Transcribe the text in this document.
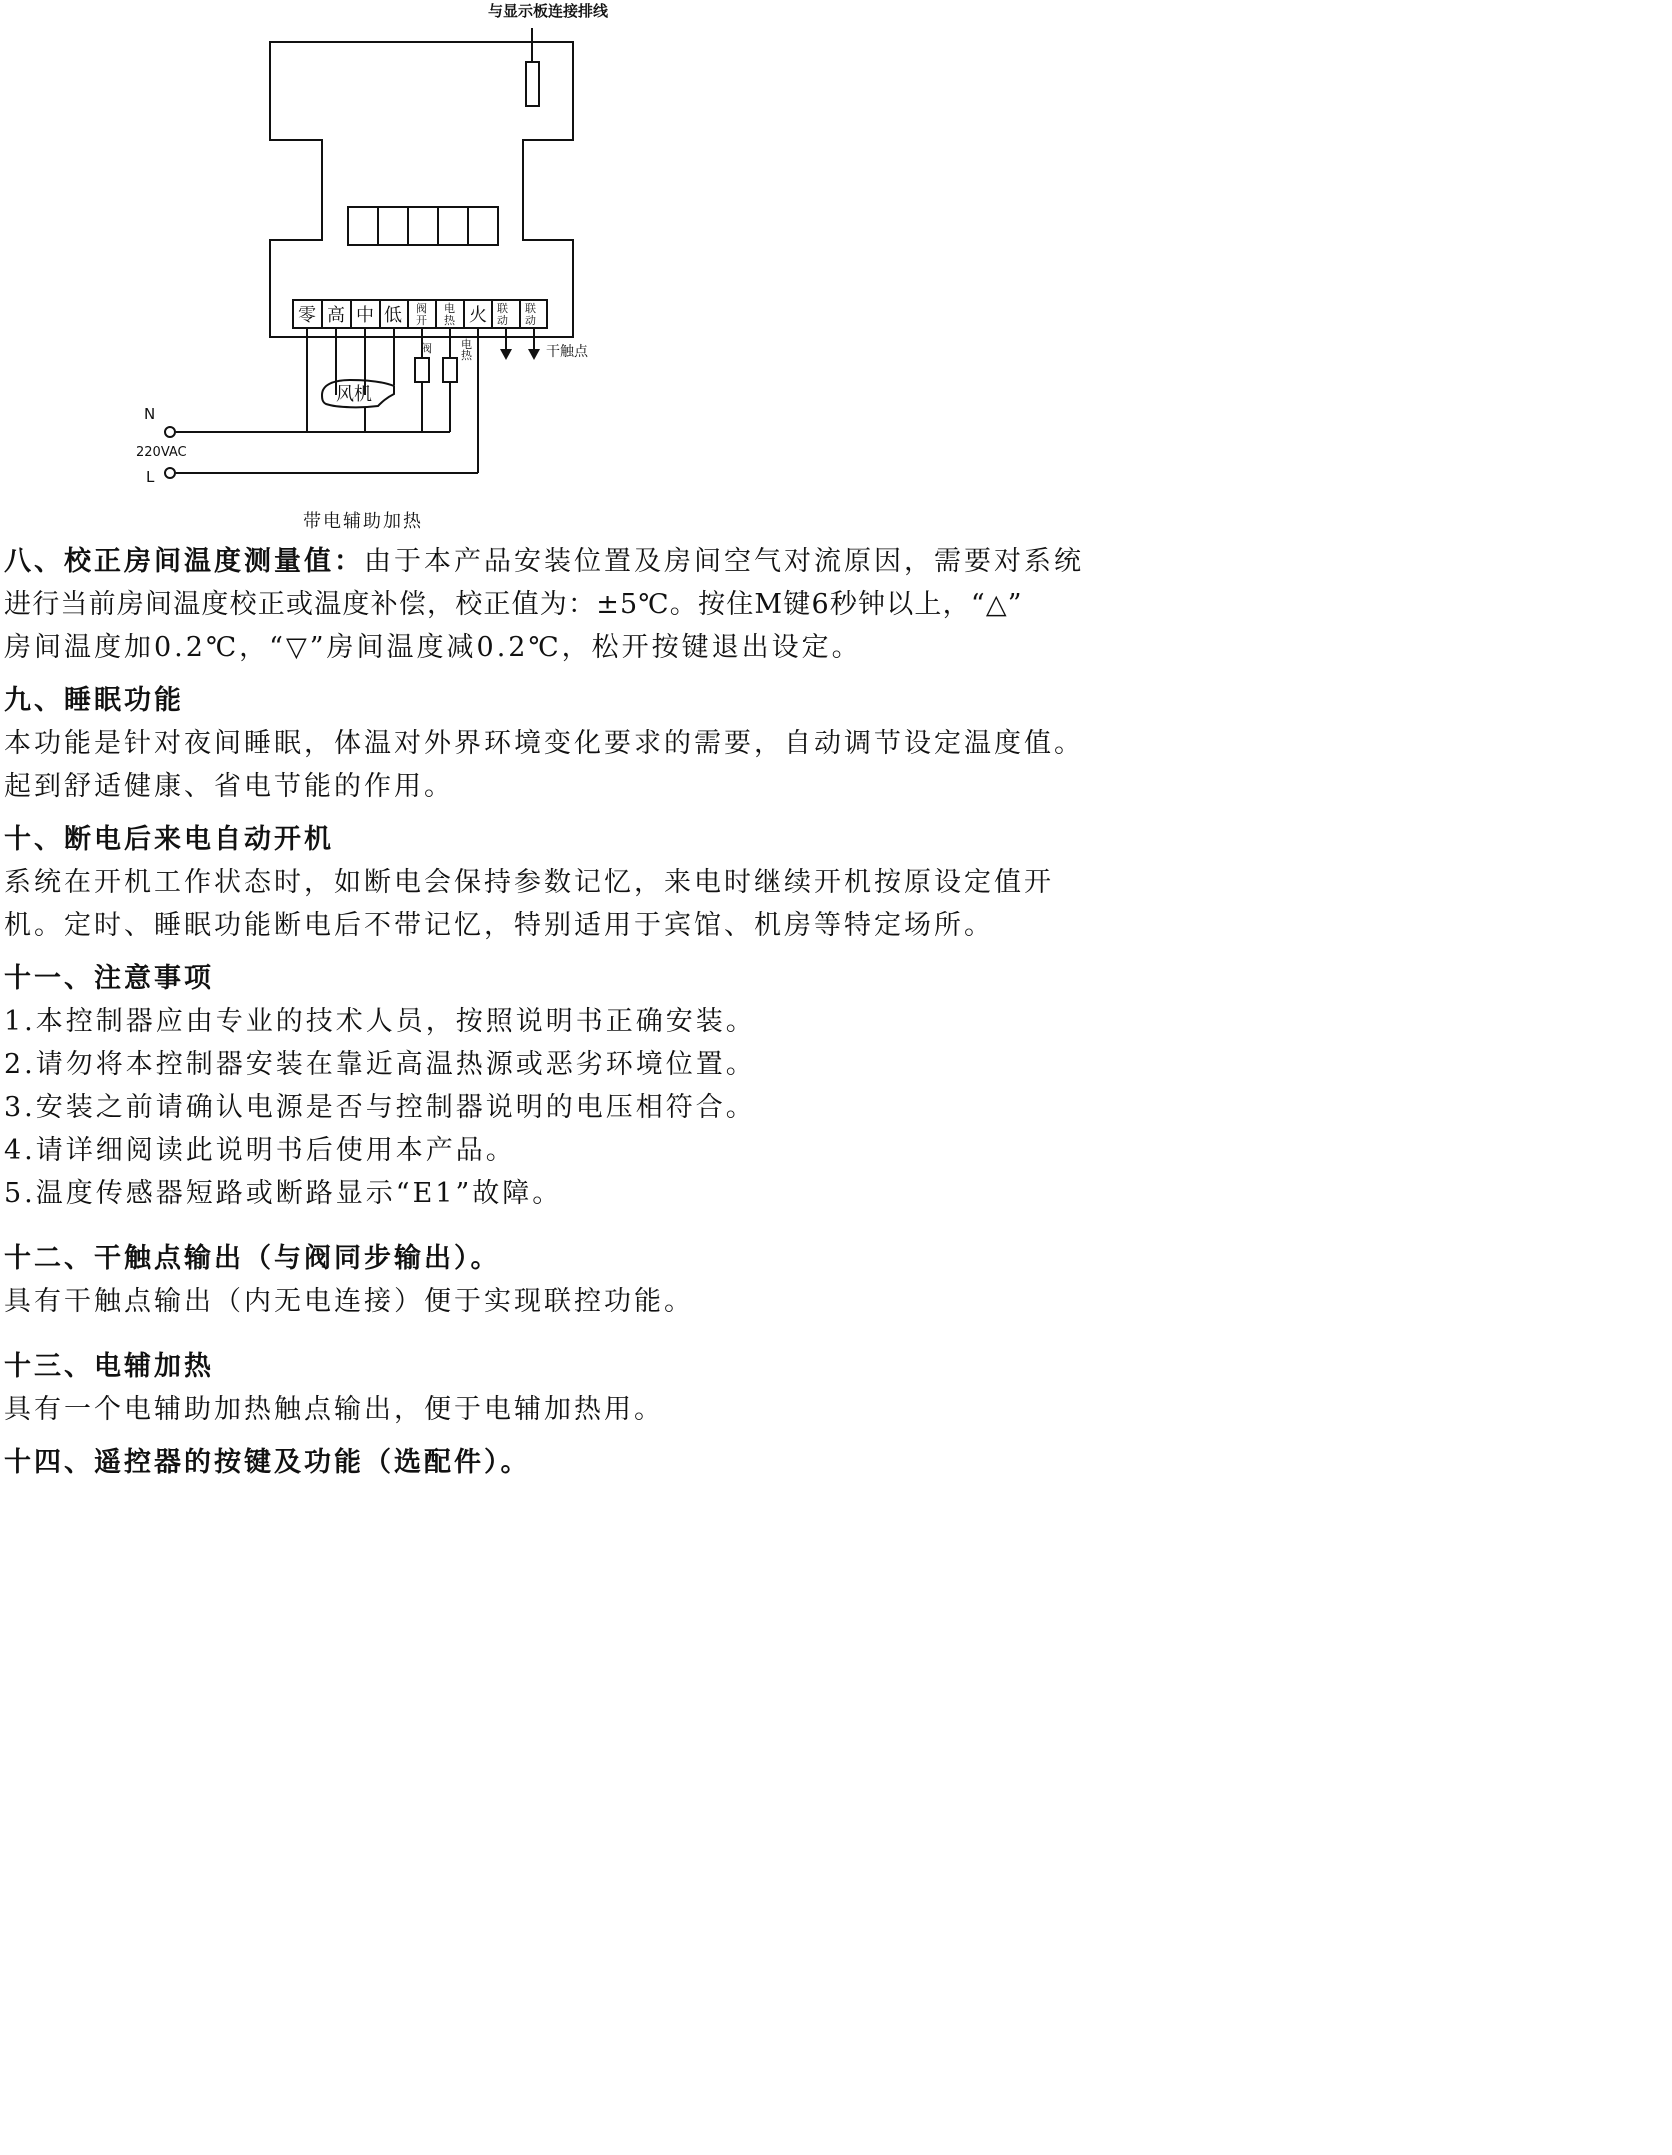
与显示板连接排线
零 高 中 低 阀 开
电 热 火 联动
联动
阀	电热
风机
干触点
N
220VAC
L
带电辅助加热

八、校正房间温度测量值：由于本产品安装位置及房间空气对流原因，需要对系统

进行当前房间温度校正或温度补偿，校正值为：±5℃。按住M键6秒钟以上，“△”

房间温度加0.2℃，“▽”房间温度减0.2℃，松开按键退出设定。

九、睡眠功能

本功能是针对夜间睡眠，体温对外界环境变化要求的需要，自动调节设定温度值。

起到舒适健康、省电节能的作用。

十、断电后来电自动开机

系统在开机工作状态时，如断电会保持参数记忆，来电时继续开机按原设定值开

机。定时、睡眠功能断电后不带记忆，特别适用于宾馆、机房等特定场所。

十一、注意事项

1.本控制器应由专业的技术人员，按照说明书正确安装。

2.请勿将本控制器安装在靠近高温热源或恶劣环境位置。

3.安装之前请确认电源是否与控制器说明的电压相符合。

4.请详细阅读此说明书后使用本产品。

5.温度传感器短路或断路显示“E1”故障。

十二、干触点输出（与阀同步输出）。

具有干触点输出（内无电连接）便于实现联控功能。

十三、电辅加热

具有一个电辅助加热触点输出，便于电辅加热用。

十四、遥控器的按键及功能（选配件）。
